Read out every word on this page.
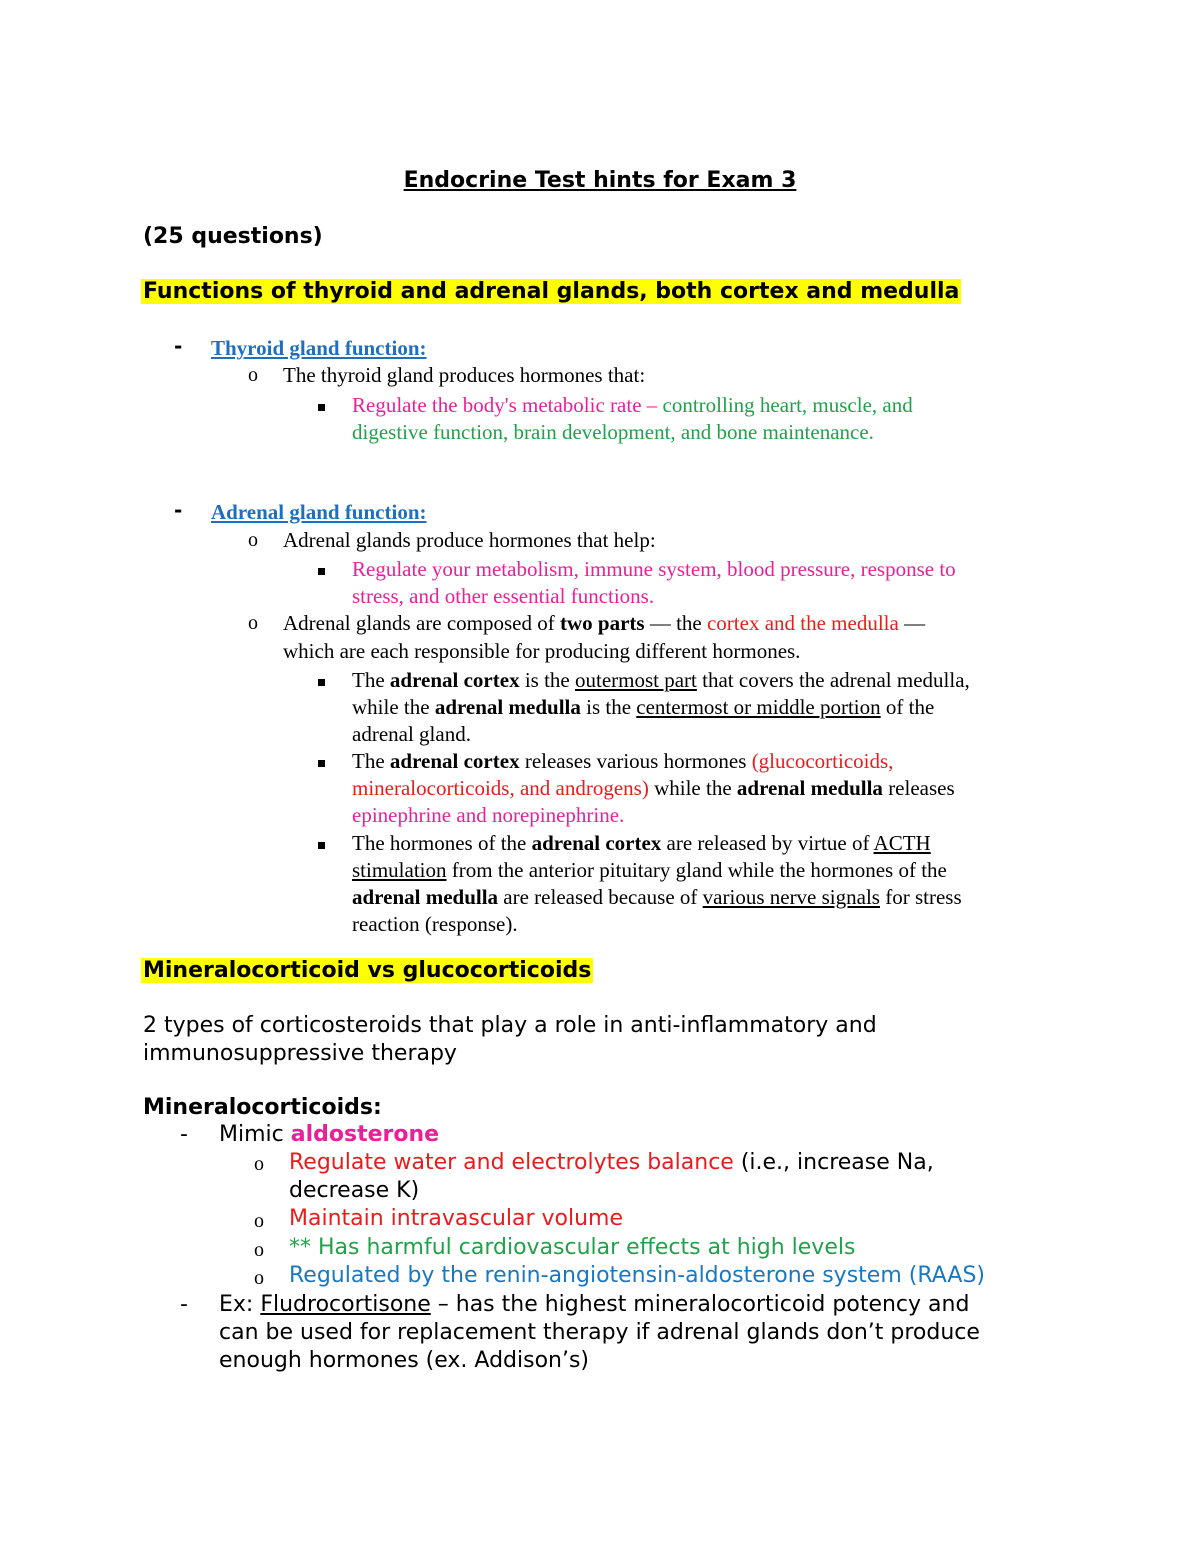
Endocrine Test hints for Exam 3
(25 questions)
Functions of thyroid and adrenal glands, both cortex and medulla
- Thyroid gland function:
o The thyroid gland produces hormones that:
Regulate the body's metabolic rate – controlling heart, muscle, and
digestive function, brain development, and bone maintenance.
- Adrenal gland function:
o Adrenal glands produce hormones that help:
Regulate your metabolism, immune system, blood pressure, response to
stress, and other essential functions.
o Adrenal glands are composed of two parts — the cortex and the medulla —
which are each responsible for producing different hormones.
The adrenal cortex is the outermost part that covers the adrenal medulla,
while the adrenal medulla is the centermost or middle portion of the
adrenal gland.
The adrenal cortex releases various hormones (glucocorticoids,
mineralocorticoids, and androgens) while the adrenal medulla releases
epinephrine and norepinephrine.
The hormones of the adrenal cortex are released by virtue of ACTH
stimulation from the anterior pituitary gland while the hormones of the
adrenal medulla are released because of various nerve signals for stress
reaction (response).
Mineralocorticoid vs glucocorticoids
2 types of corticosteroids that play a role in anti-inflammatory and
immunosuppressive therapy
Mineralocorticoids:
- Mimic aldosterone
o Regulate water and electrolytes balance (i.e., increase Na,
decrease K)
o Maintain intravascular volume
o ** Has harmful cardiovascular effects at high levels
o Regulated by the renin-angiotensin-aldosterone system (RAAS)
- Ex: Fludrocortisone – has the highest mineralocorticoid potency and
can be used for replacement therapy if adrenal glands don’t produce
enough hormones (ex. Addison’s)
